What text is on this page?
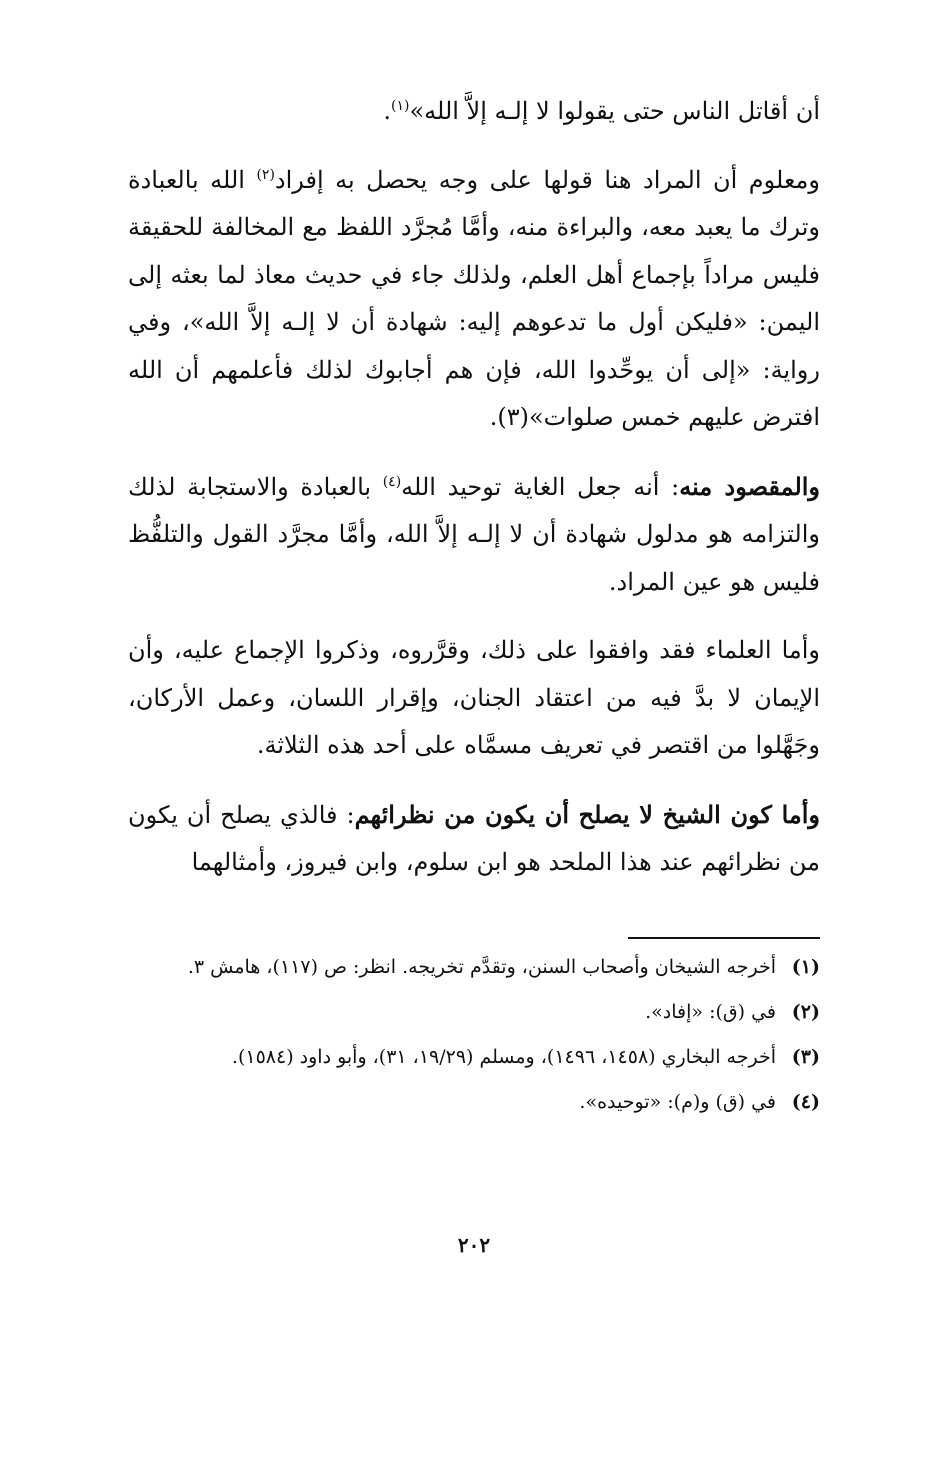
أن أقاتل الناس حتى يقولوا لا إلـه إلاَّ الله»$^{(١)}$.

ومعلوم أن المراد هنا قولها على وجه يحصل به إفراد$^{(٢)}$ الله بالعبادة وترك ما يعبد معه، والبراءة منه، وأمَّا مُجرَّد اللفظ مع المخالفة للحقيقة فليس مراداً بإجماع أهل العلم، ولذلك جاء في حديث معاذ لما بعثه إلى اليمن: «فليكن أول ما تدعوهم إليه: شهادة أن لا إلـه إلاَّ الله»، وفي رواية: «إلى أن يوحِّدوا الله، فإن هم أجابوك لذلك فأعلمهم أن الله افترض عليهم خمس صلوات»(٣).

والمقصود منه: أنه جعل الغاية توحيد الله$^{(٤)}$ بالعبادة والاستجابة لذلك والتزامه هو مدلول شهادة أن لا إلـه إلاَّ الله، وأمَّا مجرَّد القول والتلفُّظ فليس هو عين المراد.

وأما العلماء فقد وافقوا على ذلك، وقرَّروه، وذكروا الإجماع عليه، وأن الإيمان لا بدَّ فيه من اعتقاد الجنان، وإقرار اللسان، وعمل الأركان، وجَهَّلوا من اقتصر في تعريف مسمَّاه على أحد هذه الثلاثة.

وأما كون الشيخ لا يصلح أن يكون من نظرائهم: فالذي يصلح أن يكون من نظرائهم عند هذا الملحد هو ابن سلوم، وابن فيروز، وأمثالهما

(١)
أخرجه الشيخان وأصحاب السنن، وتقدَّم تخريجه. انظر: ص (١١٧)، هامش ٣.
(٢)
في (ق): «إفاد».
(٣)
أخرجه البخاري (١٤٥٨، ١٤٩٦)، ومسلم (١٩/٢٩، ٣١)، وأبو داود (١٥٨٤).
(٤)
في (ق) و(م): «توحيده».
٢٠٢
